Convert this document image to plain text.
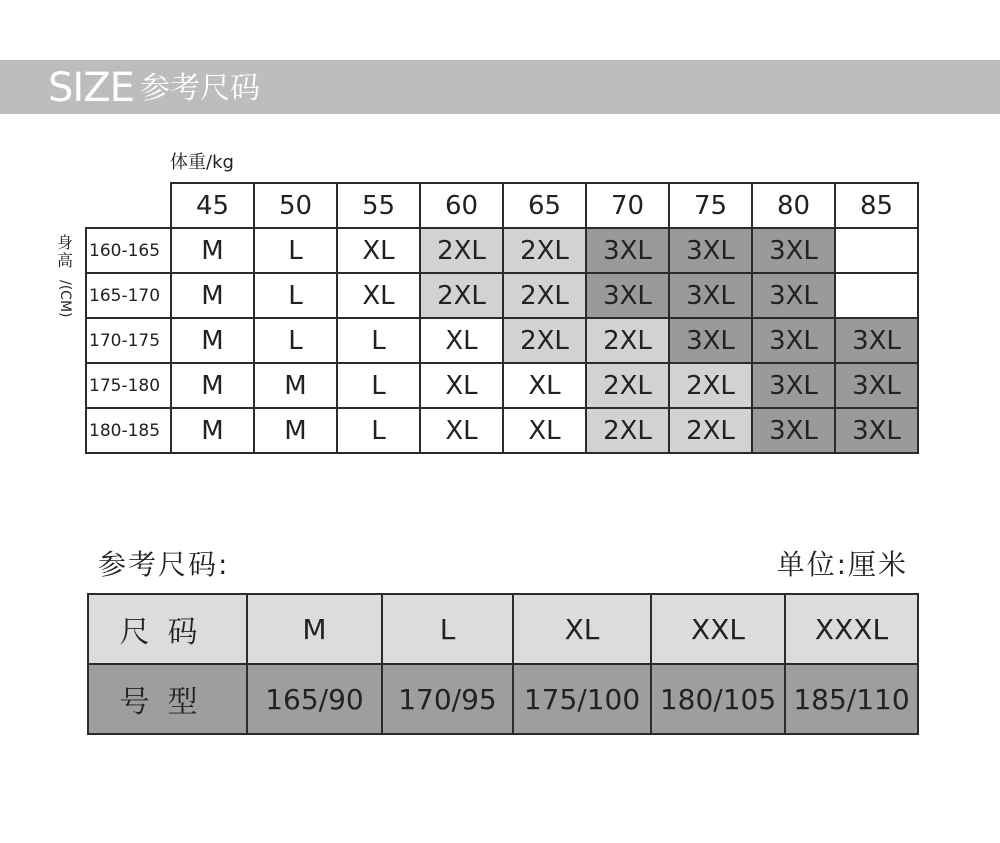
SIZE 参考尺码
体重/kg
身高
/(CM)
	45	50	55	60	65	70	75	80	85
160-165	M	L	XL	2XL	2XL	3XL	3XL	3XL	
165-170	M	L	XL	2XL	2XL	3XL	3XL	3XL	
170-175	M	L	L	XL	2XL	2XL	3XL	3XL	3XL
175-180	M	M	L	XL	XL	2XL	2XL	3XL	3XL
180-185	M	M	L	XL	XL	2XL	2XL	3XL	3XL
参考尺码:	单位:厘米
尺码	M	L	XL	XXL	XXXL
号型	165/90	170/95	175/100	180/105	185/110
